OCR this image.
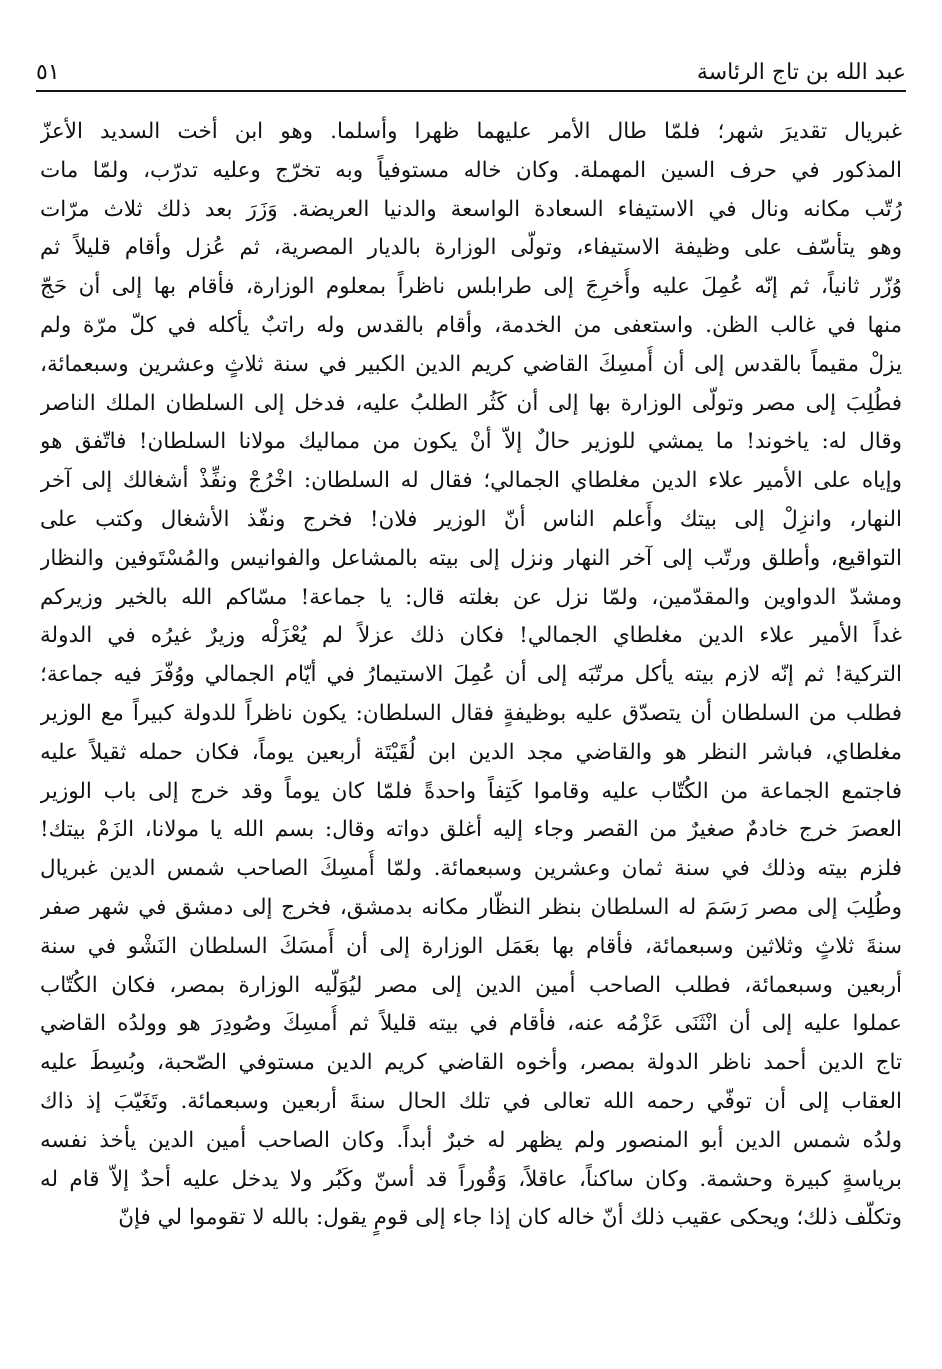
عبد الله بن تاج الرئاسة
٥١
غبريال تقديرَ شهر؛ فلمّا طال الأمر عليهما ظهرا وأسلما. وهو ابن أخت السديد الأعزّ
المذكور في حرف السين المهملة. وكان خاله مستوفياً وبه تخرّج وعليه تدرّب، ولمّا مات
رُتّب مكانه ونال في الاستيفاء السعادة الواسعة والدنيا العريضة. وَزَرَ بعد ذلك ثلاث مرّات
وهو يتأسّف على وظيفة الاستيفاء، وتولّى الوزارة بالديار المصرية، ثم عُزل وأقام قليلاً ثم
وُزّر ثانياً، ثم إنّه عُمِلَ عليه وأُخرِجَ إلى طرابلس ناظراً بمعلوم الوزارة، فأقام بها إلى أن حَجّ
منها في غالب الظن. واستعفى من الخدمة، وأقام بالقدس وله راتبٌ يأكله في كلّ مرّة ولم
يزلْ مقيماً بالقدس إلى أن أُمسِكَ القاضي كريم الدين الكبير في سنة ثلاثٍ وعشرين وسبعمائة،
فطُلِبَ إلى مصر وتولّى الوزارة بها إلى أن كَثُر الطلبُ عليه، فدخل إلى السلطان الملك الناصر
وقال له: ياخوند! ما يمشي للوزير حالٌ إلاّ أنْ يكون من مماليك مولانا السلطان! فاتّفق هو
وإياه على الأمير علاء الدين مغلطاي الجمالي؛ فقال له السلطان: اخْرُجْ ونفِّذْ أشغالك إلى آخر
النهار، وانزِلْ إلى بيتك وأَعلم الناس أنّ الوزير فلان! فخرج ونفّذ الأشغال وكتب على
التواقيع، وأطلق ورتّب إلى آخر النهار ونزل إلى بيته بالمشاعل والفوانيس والمُسْتَوفين والنظار
ومشدّ الدواوين والمقدّمين، ولمّا نزل عن بغلته قال: يا جماعة! مسّاكم الله بالخير وزيركم
غداً الأمير علاء الدين مغلطاي الجمالي! فكان ذلك عزلاً لم يُعْزَلْه وزيرٌ غيرُه في الدولة
التركية! ثم إنّه لازم بيته يأكل مرتّبَه إلى أن عُمِلَ الاستيمارُ في أيّام الجمالي ووُفّرَ فيه جماعة؛
فطلب من السلطان أن يتصدّق عليه بوظيفةٍ فقال السلطان: يكون ناظراً للدولة كبيراً مع الوزير
مغلطاي، فباشر النظر هو والقاضي مجد الدين ابن لُقَيْتَة أربعين يوماً، فكان حمله ثقيلاً عليه
فاجتمع الجماعة من الكُتّاب عليه وقاموا كَتِفاً واحدةً فلمّا كان يوماً وقد خرج إلى باب الوزير
العصرَ خرج خادمٌ صغيرٌ من القصر وجاء إليه أغلق دواته وقال: بسم الله يا مولانا، الزَمْ بيتك!
فلزم بيته وذلك في سنة ثمان وعشرين وسبعمائة. ولمّا أُمسِكَ الصاحب شمس الدين غبريال
وطُلِبَ إلى مصر رَسَمَ له السلطان بنظر النظّار مكانه بدمشق، فخرج إلى دمشق في شهر صفر
سنةَ ثلاثٍ وثلاثين وسبعمائة، فأقام بها بعَمَل الوزارة إلى أن أَمسَكَ السلطان النَشْو في سنة
أربعين وسبعمائة، فطلب الصاحب أمين الدين إلى مصر ليُوَلّيه الوزارة بمصر، فكان الكُتّاب
عملوا عليه إلى أن انْثَنَى عَزْمُه عنه، فأقام في بيته قليلاً ثم أُمسِكَ وصُودِرَ هو وولدُه القاضي
تاج الدين أحمد ناظر الدولة بمصر، وأخوه القاضي كريم الدين مستوفي الصّحبة، وبُسِطَ عليه
العقاب إلى أن توفّي رحمه الله تعالى في تلك الحال سنةَ أربعين وسبعمائة. وتَغَيّبَ إذ ذاك
ولدُه شمس الدين أبو المنصور ولم يظهر له خبرٌ أبداً. وكان الصاحب أمين الدين يأخذ نفسه
برياسةٍ كبيرة وحشمة. وكان ساكناً، عاقلاً، وَقُوراً قد أسنّ وكَبُر ولا يدخل عليه أحدٌ إلاّ قام له
وتكلّف ذلك؛ ويحكى عقيب ذلك أنّ خاله كان إذا جاء إلى قومٍ يقول: بالله لا تقوموا لي فإنّ
